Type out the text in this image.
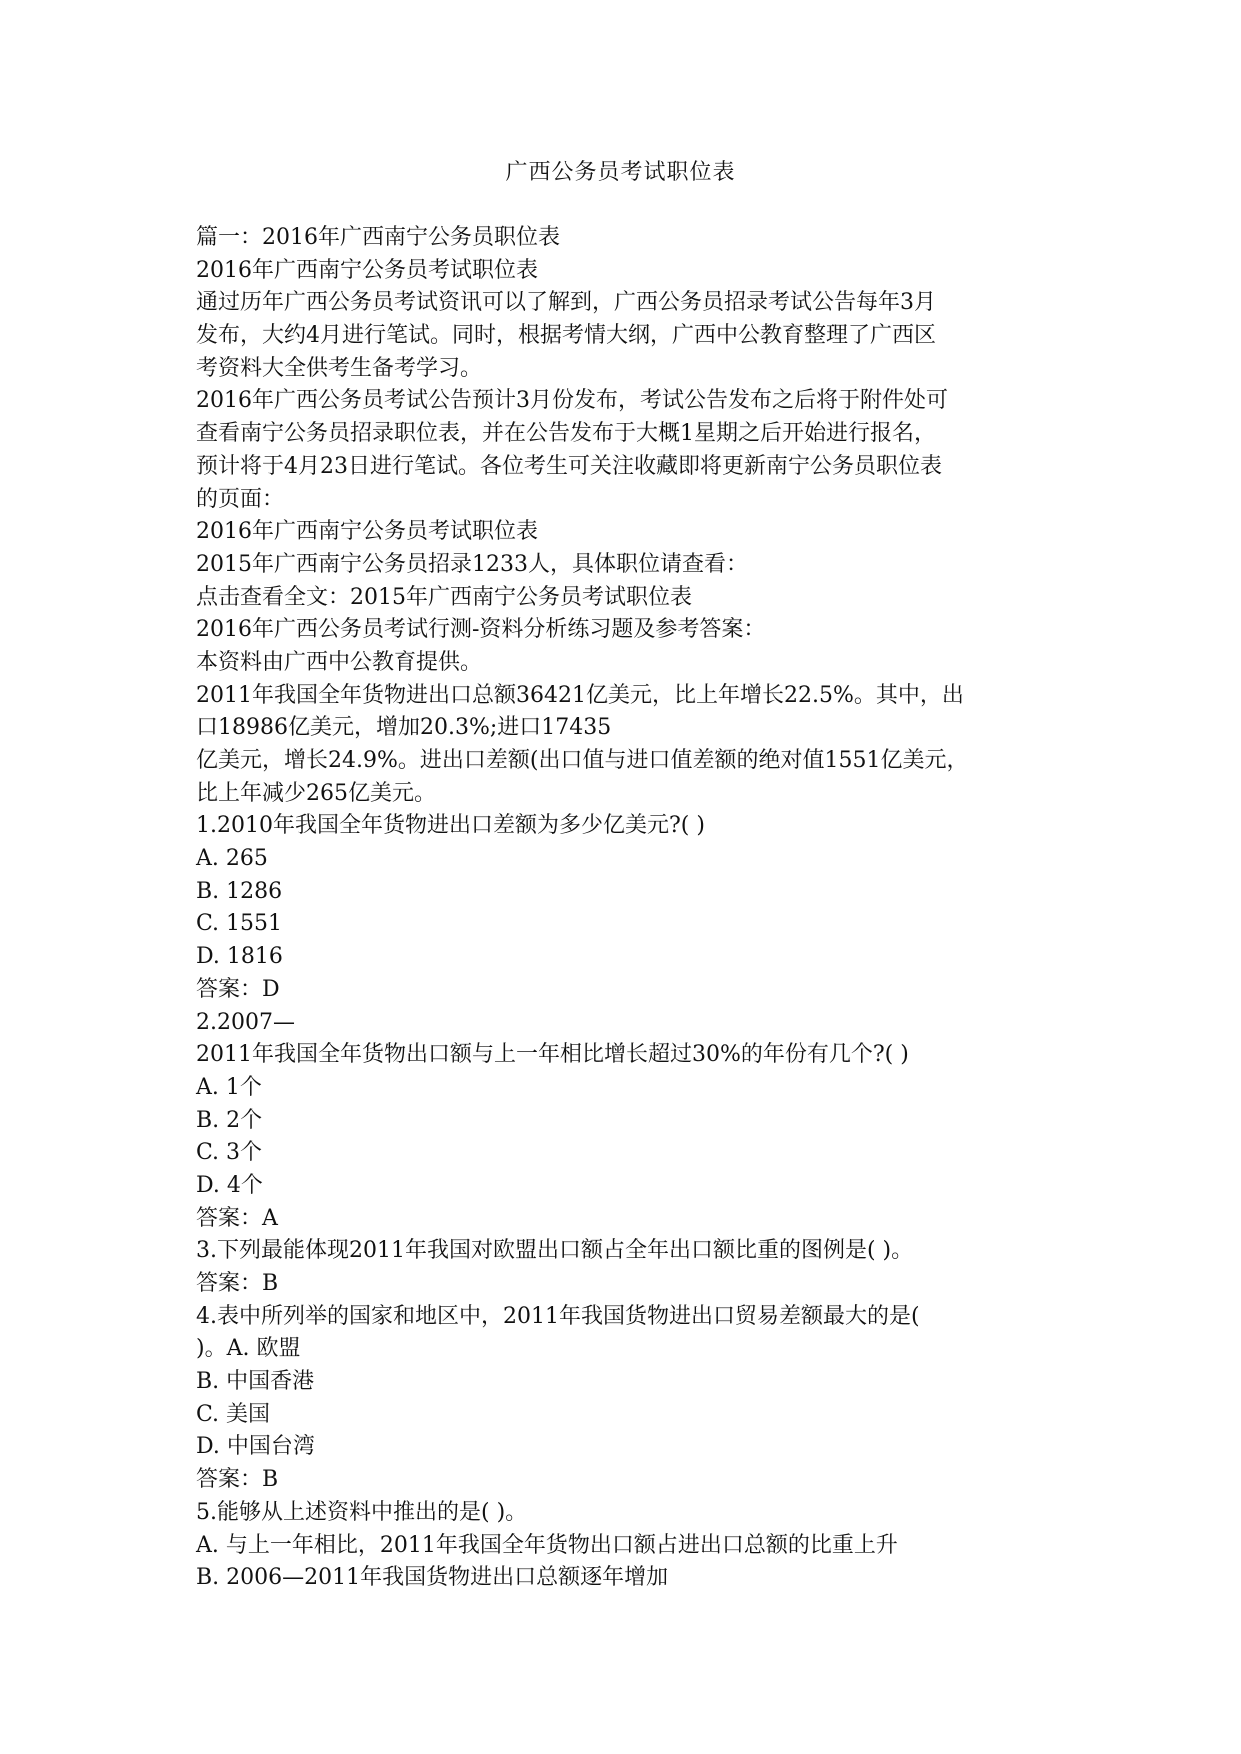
广西公务员考试职位表
篇一：2016年广西南宁公务员职位表
2016年广西南宁公务员考试职位表
通过历年广西公务员考试资讯可以了解到，广西公务员招录考试公告每年3月
发布，大约4月进行笔试。同时，根据考情大纲，广西中公教育整理了广西区
考资料大全供考生备考学习。
2016年广西公务员考试公告预计3月份发布，考试公告发布之后将于附件处可
查看南宁公务员招录职位表，并在公告发布于大概1星期之后开始进行报名，
预计将于4月23日进行笔试。各位考生可关注收藏即将更新南宁公务员职位表
的页面：
2016年广西南宁公务员考试职位表
2015年广西南宁公务员招录1233人，具体职位请查看：
点击查看全文：2015年广西南宁公务员考试职位表
2016年广西公务员考试行测-资料分析练习题及参考答案：
本资料由广西中公教育提供。
2011年我国全年货物进出口总额36421亿美元，比上年增长22.5%。其中，出
口18986亿美元，增加20.3%;进口17435
亿美元，增长24.9%。进出口差额(出口值与进口值差额的绝对值1551亿美元，
比上年减少265亿美元。
1.2010年我国全年货物进出口差额为多少亿美元?( )
A. 265
B. 1286
C. 1551
D. 1816
答案：D
2.2007—
2011年我国全年货物出口额与上一年相比增长超过30%的年份有几个?( )
A. 1个
B. 2个
C. 3个
D. 4个
答案：A
3.下列最能体现2011年我国对欧盟出口额占全年出口额比重的图例是( )。
答案：B
4.表中所列举的国家和地区中，2011年我国货物进出口贸易差额最大的是(
)。A. 欧盟
B. 中国香港
C. 美国
D. 中国台湾
答案：B
5.能够从上述资料中推出的是( )。
A. 与上一年相比，2011年我国全年货物出口额占进出口总额的比重上升
B. 2006—2011年我国货物进出口总额逐年增加
